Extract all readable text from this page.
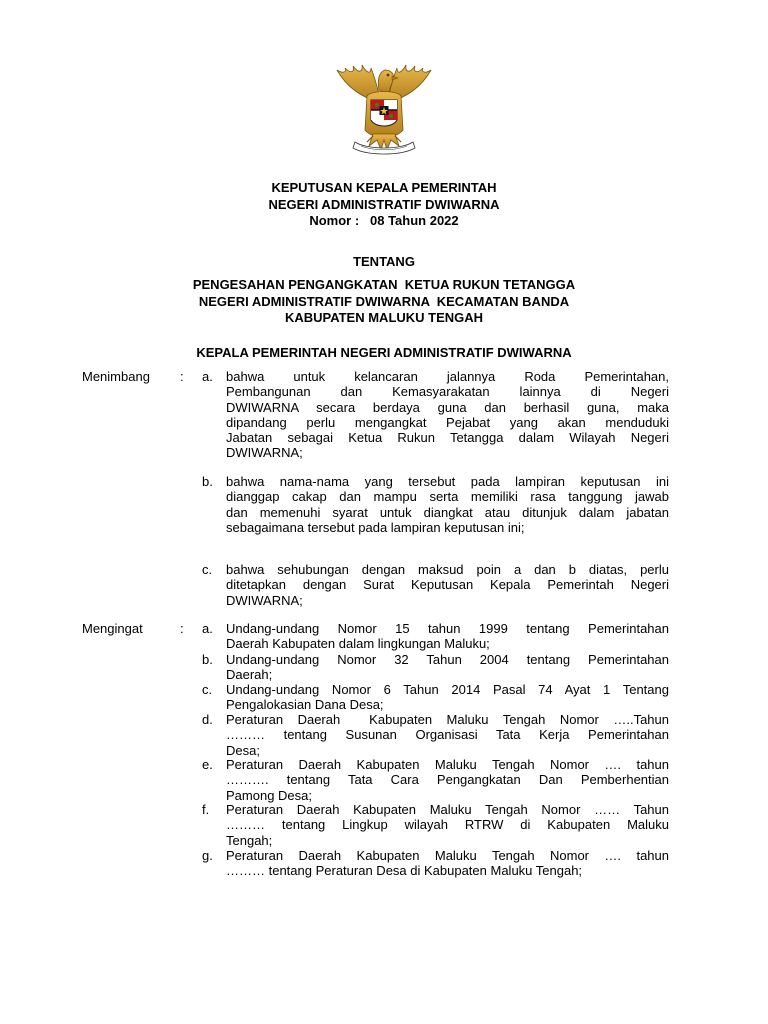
KEPUTUSAN KEPALA PEMERINTAH
NEGERI ADMINISTRATIF DWIWARNA
Nomor :   08 Tahun 2022
TENTANG
PENGESAHAN PENGANGKATAN  KETUA RUKUN TETANGGA
NEGERI ADMINISTRATIF DWIWARNA  KECAMATAN BANDA
KABUPATEN MALUKU TENGAH
KEPALA PEMERINTAH NEGERI ADMINISTRATIF DWIWARNA
Menimbang : a.	bahwa untuk kelancaran jalannya Roda Pemerintahan,
Pembangunan dan Kemasyarakatan lainnya di Negeri
DWIWARNA secara berdaya guna dan berhasil guna, maka
dipandang perlu mengangkat Pejabat yang akan menduduki
Jabatan sebagai Ketua Rukun Tetangga dalam Wilayah Negeri
DWIWARNA;
b.	bahwa nama-nama yang tersebut pada lampiran keputusan ini
dianggap cakap dan mampu serta memiliki rasa tanggung jawab
dan memenuhi syarat untuk diangkat atau ditunjuk dalam jabatan
sebagaimana tersebut pada lampiran keputusan ini;
c.	bahwa sehubungan dengan maksud poin a dan b diatas, perlu
ditetapkan dengan Surat Keputusan Kepala Pemerintah Negeri
DWIWARNA;
Mengingat	: a.	Undang-undang Nomor 15 tahun 1999 tentang Pemerintahan
Daerah Kabupaten dalam lingkungan Maluku;
b.	Undang-undang Nomor 32 Tahun 2004 tentang Pemerintahan
Daerah;
c.	Undang-undang Nomor 6 Tahun 2014 Pasal 74 Ayat 1 Tentang
Pengalokasian Dana Desa;
d.	Peraturan Daerah  Kabupaten Maluku Tengah Nomor …..Tahun
……… tentang Susunan Organisasi Tata Kerja Pemerintahan
Desa;
e.	Peraturan Daerah Kabupaten Maluku Tengah Nomor …. tahun
………. tentang Tata Cara Pengangkatan Dan Pemberhentian
Pamong Desa;
f.	Peraturan Daerah Kabupaten Maluku Tengah Nomor …… Tahun
……… tentang Lingkup wilayah RTRW di Kabupaten Maluku
Tengah;
g.	Peraturan Daerah Kabupaten Maluku Tengah Nomor …. tahun
……… tentang Peraturan Desa di Kabupaten Maluku Tengah;
